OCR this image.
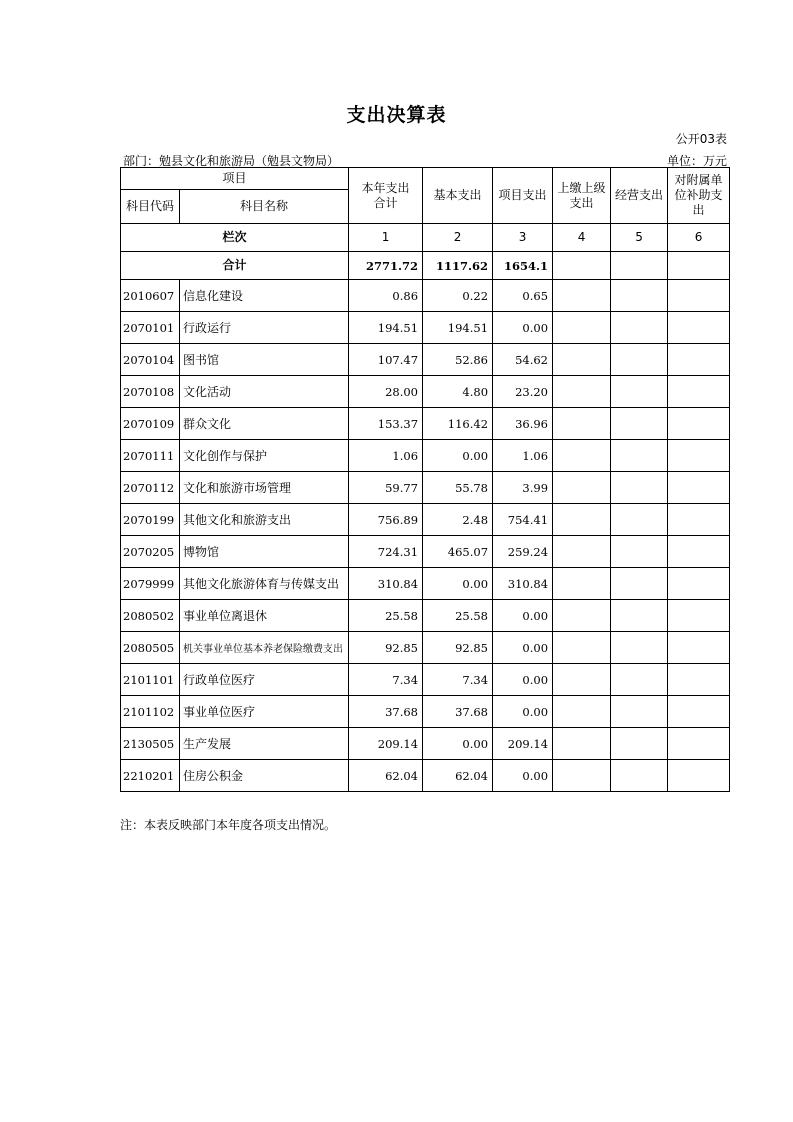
支出决算表
公开03表
部门：勉县文化和旅游局（勉县文物局）	单位：万元
项目		本年支出合计	基本支出	项目支出	上缴上级支出	经营支出	对附属单位补助支出
科目代码	科目名称						
栏次		1	2	3	4	5	6
合计		2771.72	1117.62	1654.1			
2010607	信息化建设	0.86	0.22	0.65			
2070101	行政运行	194.51	194.51	0.00			
2070104	图书馆	107.47	52.86	54.62			
2070108	文化活动	28.00	4.80	23.20			
2070109	群众文化	153.37	116.42	36.96			
2070111	文化创作与保护	1.06	0.00	1.06			
2070112	文化和旅游市场管理	59.77	55.78	3.99			
2070199	其他文化和旅游支出	756.89	2.48	754.41			
2070205	博物馆	724.31	465.07	259.24			
2079999	其他文化旅游体育与传媒支出	310.84	0.00	310.84			
2080502	事业单位离退休	25.58	25.58	0.00			
2080505	机关事业单位基本养老保险缴费支出	92.85	92.85	0.00			
2101101	行政单位医疗	7.34	7.34	0.00			
2101102	事业单位医疗	37.68	37.68	0.00			
2130505	生产发展	209.14	0.00	209.14			
2210201	住房公积金	62.04	62.04	0.00			
注：本表反映部门本年度各项支出情况。
